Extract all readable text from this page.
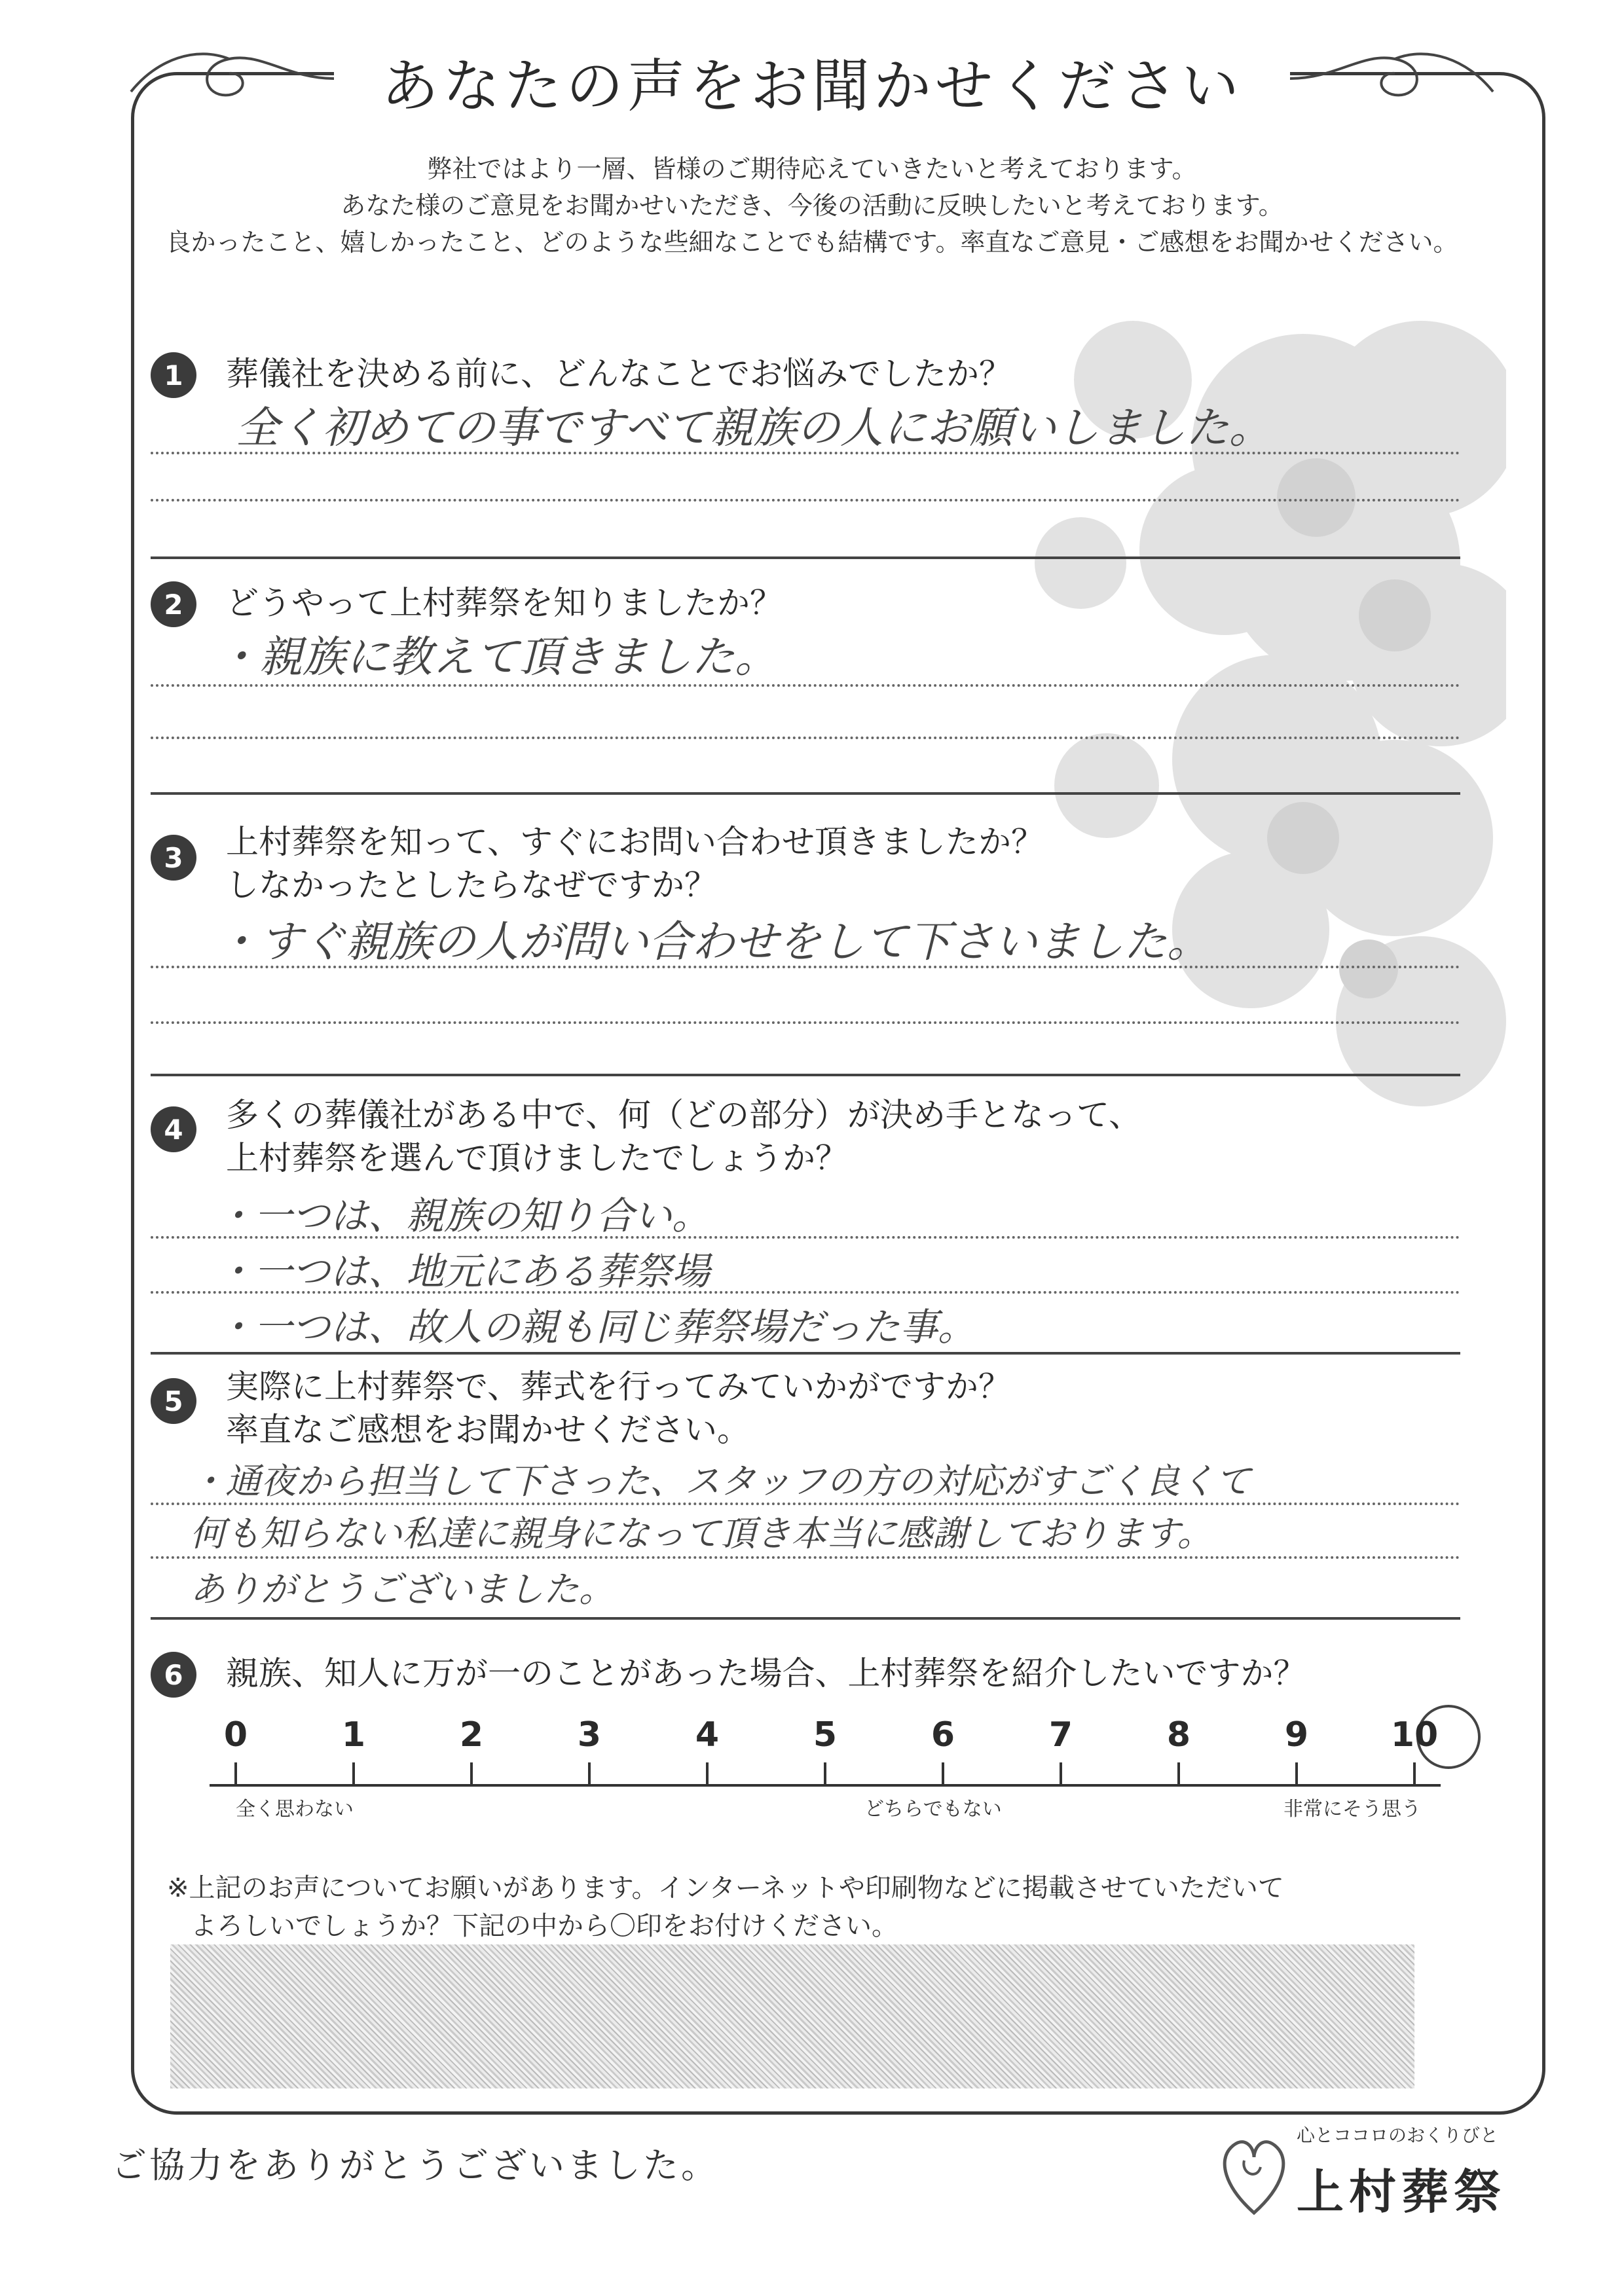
あなたの声をお聞かせください
弊社ではより一層、皆様のご期待応えていきたいと考えております。
あなた様のご意見をお聞かせいただき、今後の活動に反映したいと考えております。
良かったこと、嬉しかったこと、どのような些細なことでも結構です。率直なご意見・ご感想をお聞かせください。
1	葬儀社を決める前に、どんなことでお悩みでしたか？
全く初めての事ですべて親族の人にお願いしました。
2	どうやって上村葬祭を知りましたか？
・親族に教えて頂きました。
3	上村葬祭を知って、すぐにお問い合わせ頂きましたか？
しなかったとしたらなぜですか？
・すぐ親族の人が問い合わせをして下さいました。
4	多くの葬儀社がある中で、何（どの部分）が決め手となって、
上村葬祭を選んで頂けましたでしょうか？
・一つは、親族の知り合い。
・一つは、地元にある葬祭場
・一つは、故人の親も同じ葬祭場だった事。
5	実際に上村葬祭で、葬式を行ってみていかがですか？
率直なご感想をお聞かせください。
・通夜から担当して下さった、スタッフの方の対応がすごく良くて
何も知らない私達に親身になって頂き本当に感謝しております。
ありがとうございました。
6	親族、知人に万が一のことがあった場合、上村葬祭を紹介したいですか？
全く思わない	どちらでもない	非常にそう思う
0	1	2	3	4	5	6	7	8	9	10
※上記のお声についてお願いがあります。インターネットや印刷物などに掲載させていただいて
よろしいでしょうか？下記の中から〇印をお付けください。
ご協力をありがとうございました。
心とココロのおくりびと
上村葬祭
